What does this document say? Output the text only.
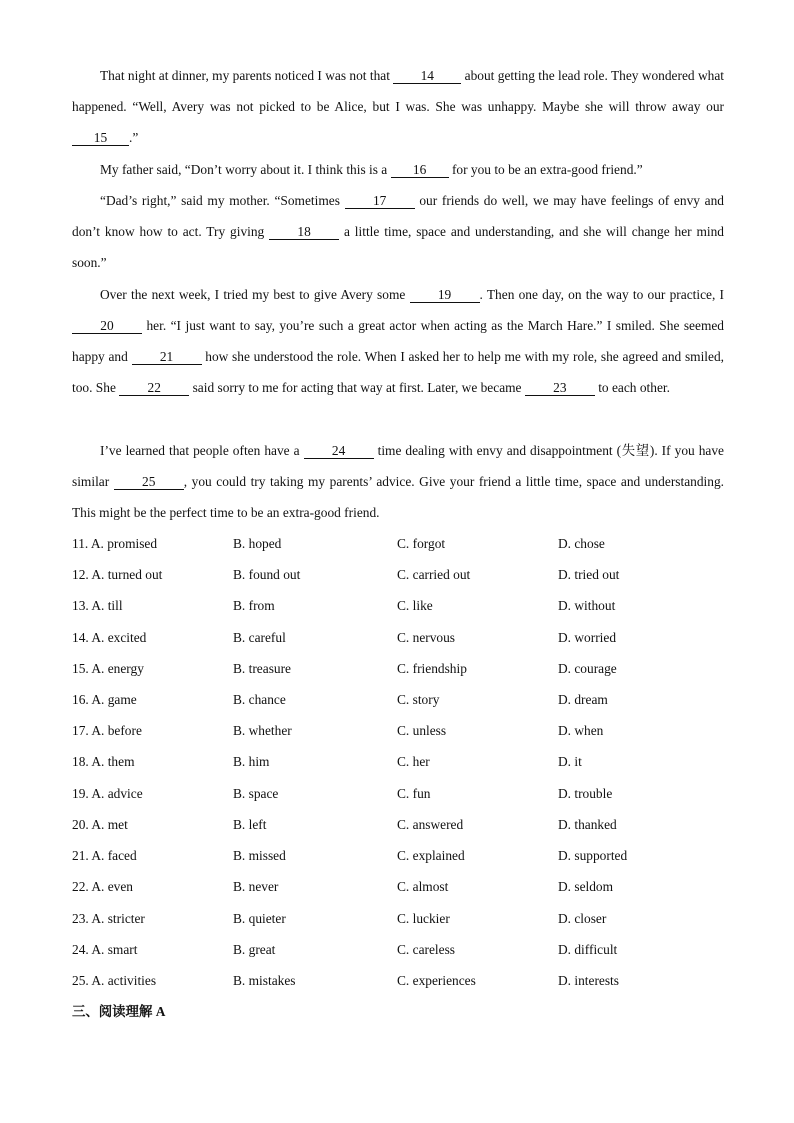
That night at dinner, my parents noticed I was not that 14 about getting the lead role. They wondered what happened. “Well, Avery was not picked to be Alice, but I was. She was unhappy. Maybe she will throw away our 15 .”

My father said, “Don’t worry about it. I think this is a 16 for you to be an extra-good friend.”

“Dad’s right,” said my mother. “Sometimes 17 our friends do well, we may have feelings of envy and don’t know how to act. Try giving 18 a little time, space and understanding, and she will change her mind soon.”

Over the next week, I tried my best to give Avery some 19 . Then one day, on the way to our practice, I 20 her. “I just want to say, you’re such a great actor when acting as the March Hare.” I smiled. She seemed happy and 21 how she understood the role. When I asked her to help me with my role, she agreed and smiled, too. She 22 said sorry to me for acting that way at first. Later, we became 23 to each other.

I’ve learned that people often have a 24 time dealing with envy and disappointment (失望). If you have similar 25 , you could try taking my parents’ advice. Give your friend a little time, space and understanding. This might be the perfect time to be an extra-good friend.

11. A. promised	B. hoped	C. forgot	D. chose
12. A. turned out	B. found out	C. carried out	D. tried out
13. A. till	B. from	C. like	D. without
14. A. excited	B. careful	C. nervous	D. worried
15. A. energy	B. treasure	C. friendship	D. courage
16. A. game	B. chance	C. story	D. dream
17. A. before	B. whether	C. unless	D. when
18. A. them	B. him	C. her	D. it
19. A. advice	B. space	C. fun	D. trouble
20. A. met	B. left	C. answered	D. thanked
21. A. faced	B. missed	C. explained	D. supported
22. A. even	B. never	C. almost	D. seldom
23. A. stricter	B. quieter	C. luckier	D. closer
24. A. smart	B. great	C. careless	D. difficult
25. A. activities	B. mistakes	C. experiences	D. interests
三、阅读理解 A
